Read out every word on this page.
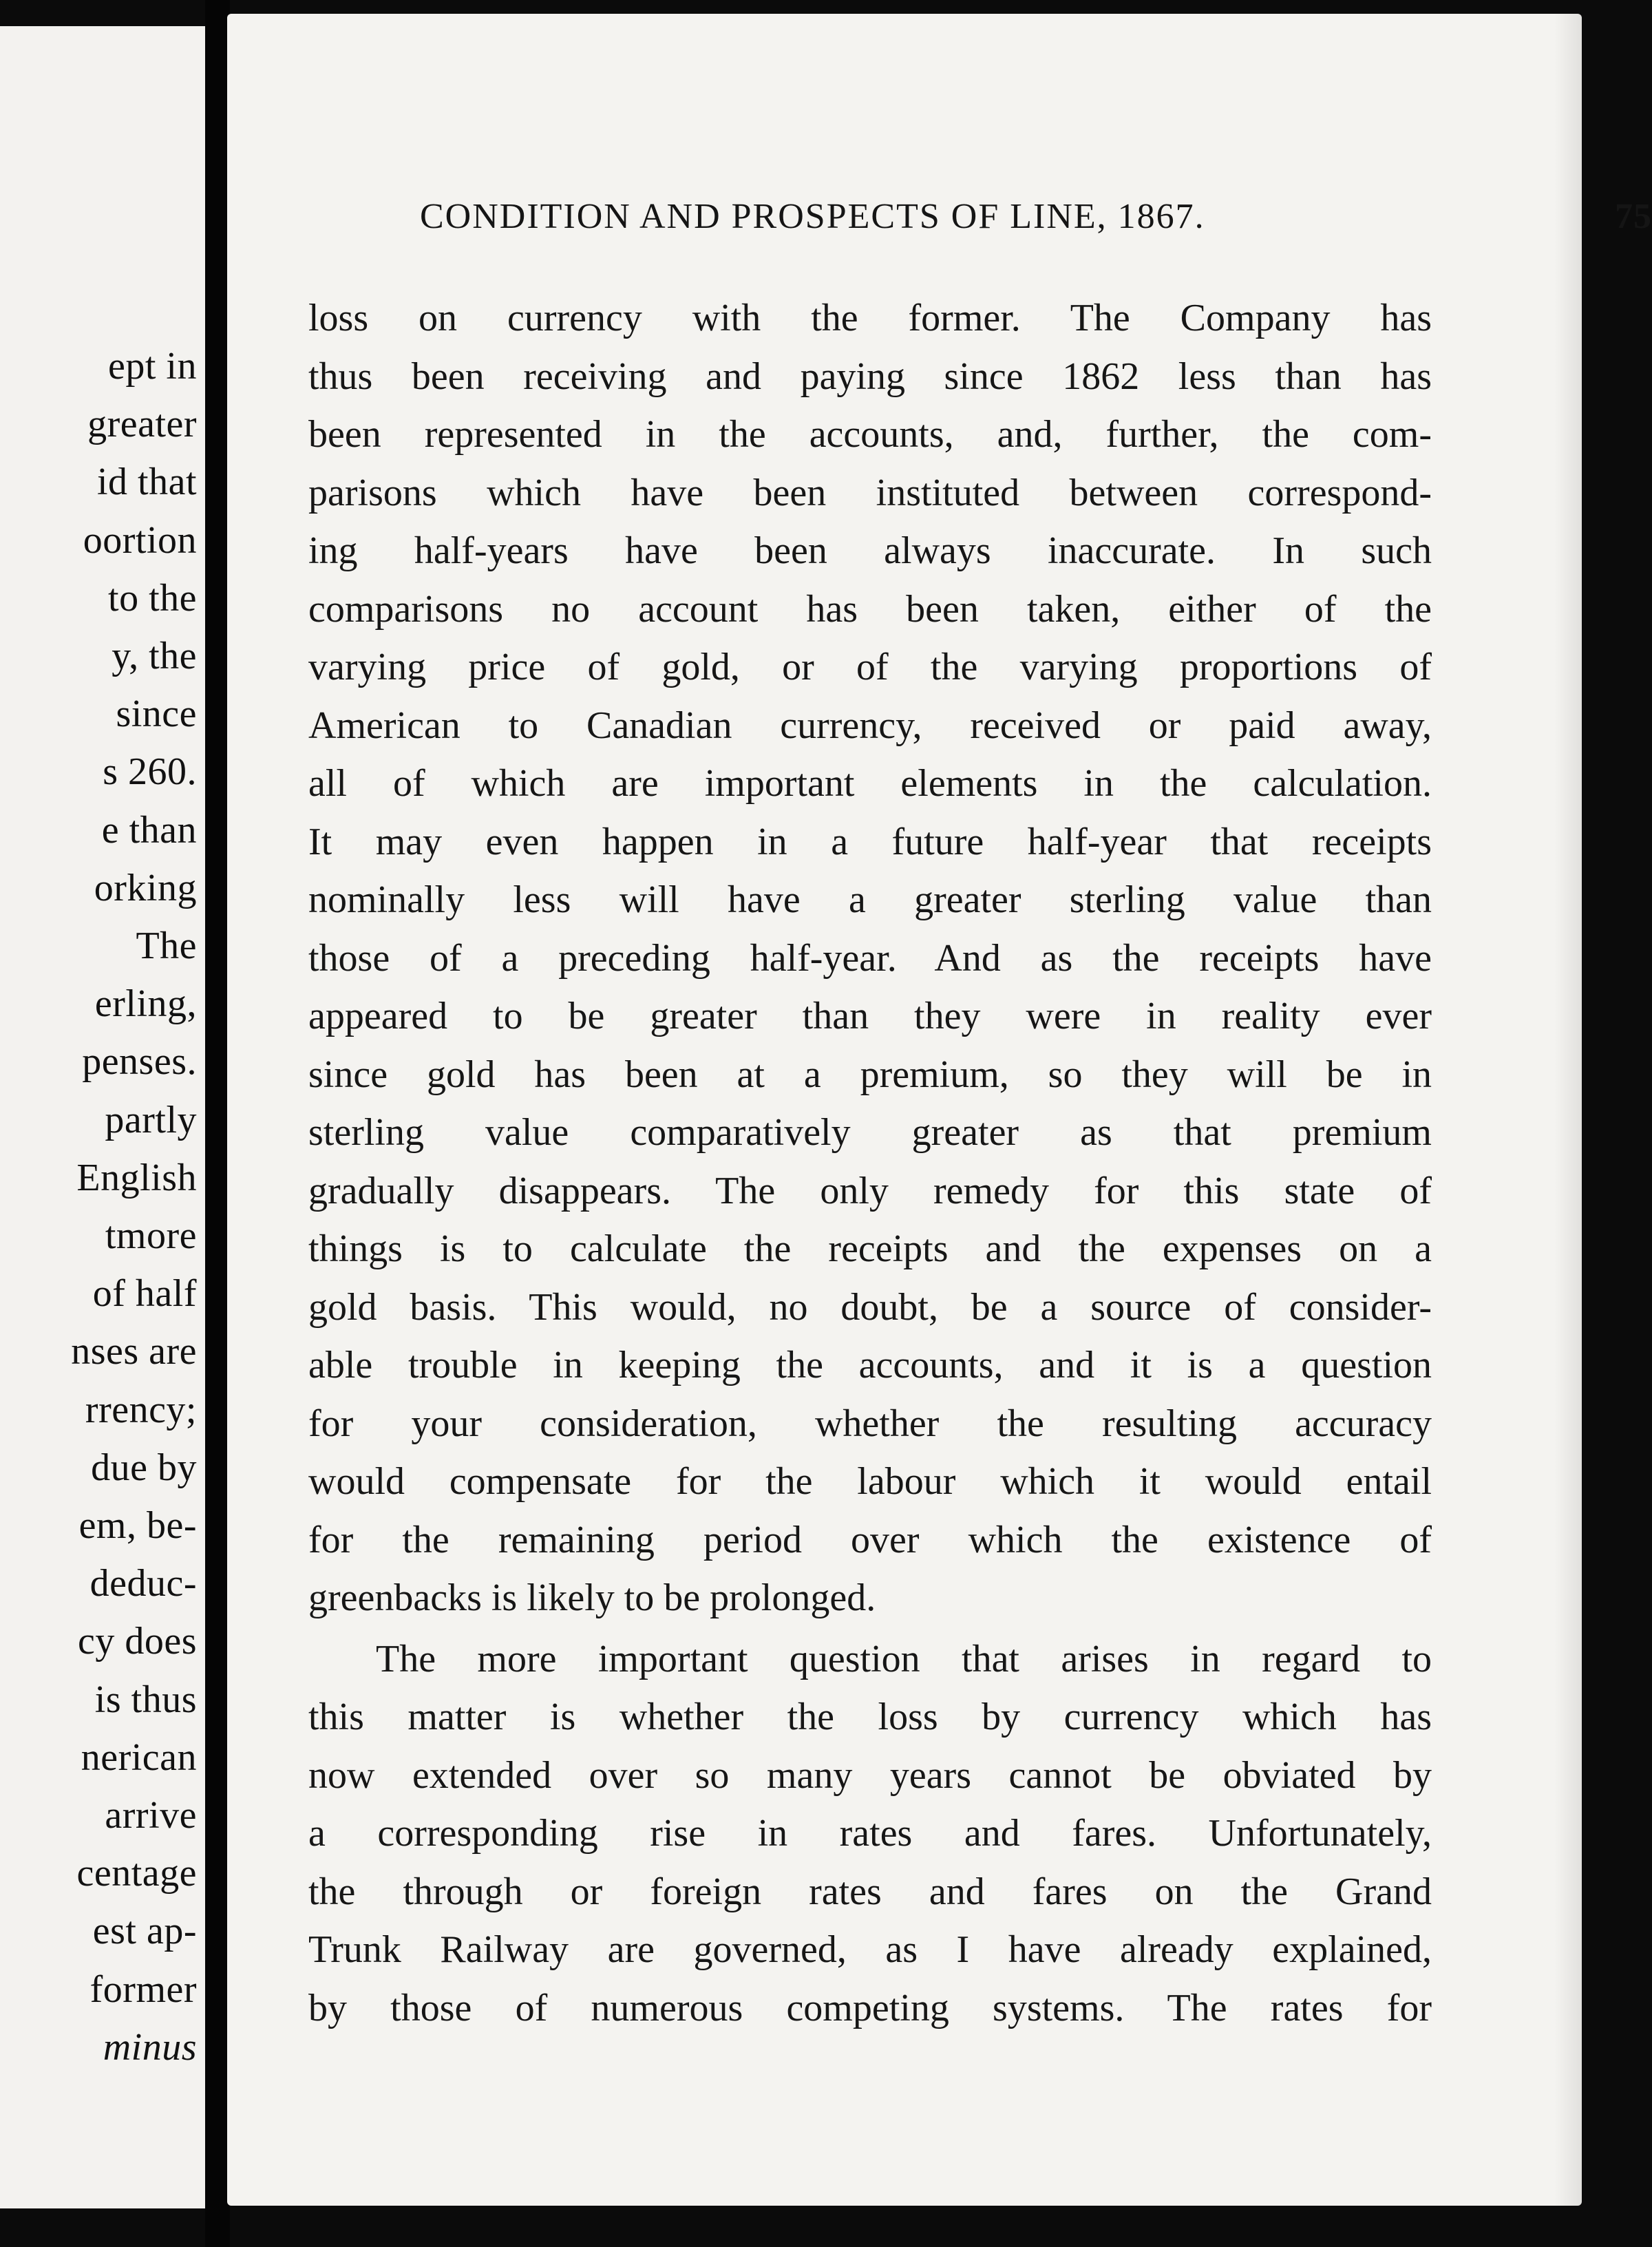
ept in
greater
id that
oortion
to the
y, the
since
s 260.
e than
orking
The
erling,
penses.
partly
English
tmore
of half
nses are
rrency;
due by
em, be-
deduc-
cy does
is thus
nerican
arrive
centage
est ap-
former
minus
CONDITION AND PROSPECTS OF LINE, 1867.	75
loss on currency with the former. The Company has
thus been receiving and paying since 1862 less than has
been represented in the accounts, and, further, the com-
parisons which have been instituted between correspond-
ing half-years have been always inaccurate. In such
comparisons no account has been taken, either of the
varying price of gold, or of the varying proportions of
American to Canadian currency, received or paid away,
all of which are important elements in the calculation.
It may even happen in a future half-year that receipts
nominally less will have a greater sterling value than
those of a preceding half-year. And as the receipts have
appeared to be greater than they were in reality ever
since gold has been at a premium, so they will be in
sterling value comparatively greater as that premium
gradually disappears. The only remedy for this state of
things is to calculate the receipts and the expenses on a
gold basis. This would, no doubt, be a source of consider-
able trouble in keeping the accounts, and it is a question
for your consideration, whether the resulting accuracy
would compensate for the labour which it would entail
for the remaining period over which the existence of
greenbacks is likely to be prolonged.
The more important question that arises in regard to
this matter is whether the loss by currency which has
now extended over so many years cannot be obviated by
a corresponding rise in rates and fares. Unfortunately,
the through or foreign rates and fares on the Grand
Trunk Railway are governed, as I have already explained,
by those of numerous competing systems. The rates for
